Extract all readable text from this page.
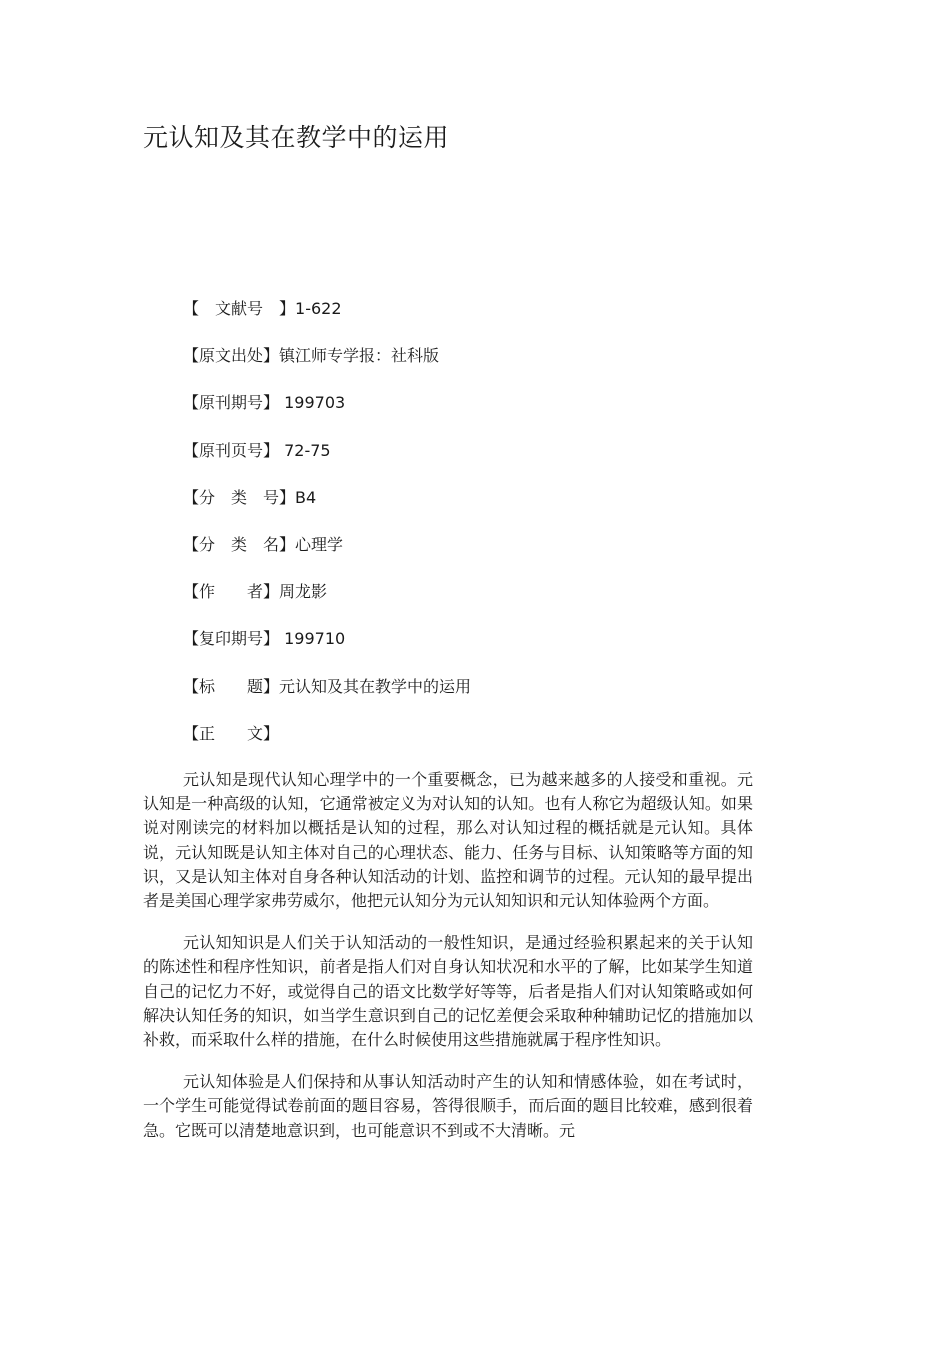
元认知及其在教学中的运用
【　文献号　】1-622
【原文出处】镇江师专学报：社科版
【原刊期号】 199703
【原刊页号】 72-75
【分　类　号】B4
【分　类　名】心理学
【作　　者】周龙影
【复印期号】 199710
【标　　题】元认知及其在教学中的运用
【正　　文】

元认知是现代认知心理学中的一个重要概念，已为越来越多的人接受和重视。元认知是一种高级的认知，它通常被定义为对认知的认知。也有人称它为超级认知。如果说对刚读完的材料加以概括是认知的过程，那么对认知过程的概括就是元认知。具体说，元认知既是认知主体对自己的心理状态、能力、任务与目标、认知策略等方面的知识，又是认知主体对自身各种认知活动的计划、监控和调节的过程。元认知的最早提出者是美国心理学家弗劳威尔，他把元认知分为元认知知识和元认知体验两个方面。

元认知知识是人们关于认知活动的一般性知识，是通过经验积累起来的关于认知的陈述性和程序性知识，前者是指人们对自身认知状况和水平的了解，比如某学生知道自己的记忆力不好，或觉得自己的语文比数学好等等，后者是指人们对认知策略或如何解决认知任务的知识，如当学生意识到自己的记忆差便会采取种种辅助记忆的措施加以补救，而采取什么样的措施，在什么时候使用这些措施就属于程序性知识。

元认知体验是人们保持和从事认知活动时产生的认知和情感体验，如在考试时，一个学生可能觉得试卷前面的题目容易，答得很顺手，而后面的题目比较难，感到很着急。它既可以清楚地意识到，也可能意识不到或不大清晰。元
